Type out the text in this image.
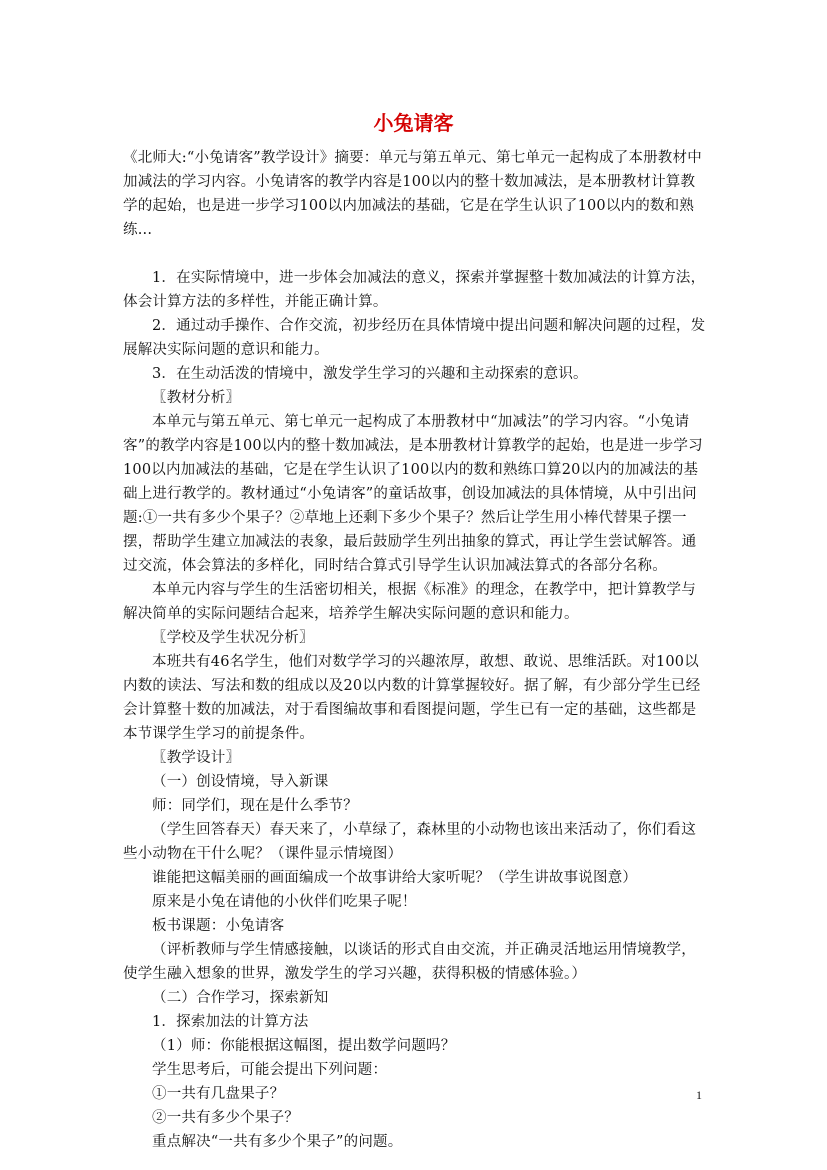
小兔请客

《北师大:“小兔请客”教学设计》摘要：单元与第五单元、第七单元一起构成了本册教材中加减法的学习内容。小兔请客的教学内容是100以内的整十数加减法，是本册教材计算教学的起始，也是进一步学习100以内加减法的基础，它是在学生认识了100以内的数和熟练...

1．在实际情境中，进一步体会加减法的意义，探索并掌握整十数加减法的计算方法，体会计算方法的多样性，并能正确计算。

2．通过动手操作、合作交流，初步经历在具体情境中提出问题和解决问题的过程，发展解决实际问题的意识和能力。

3．在生动活泼的情境中，激发学生学习的兴趣和主动探索的意识。

〖教材分析〗

本单元与第五单元、第七单元一起构成了本册教材中“加减法”的学习内容。“小兔请客”的教学内容是100以内的整十数加减法，是本册教材计算教学的起始，也是进一步学习100以内加减法的基础，它是在学生认识了100以内的数和熟练口算20以内的加减法的基础上进行教学的。教材通过“小兔请客”的童话故事，创设加减法的具体情境，从中引出问题:①一共有多少个果子？②草地上还剩下多少个果子？然后让学生用小棒代替果子摆一摆，帮助学生建立加减法的表象，最后鼓励学生列出抽象的算式，再让学生尝试解答。通过交流，体会算法的多样化，同时结合算式引导学生认识加减法算式的各部分名称。

本单元内容与学生的生活密切相关，根据《标准》的理念，在教学中，把计算教学与解决简单的实际问题结合起来，培养学生解决实际问题的意识和能力。

〖学校及学生状况分析〗

本班共有46名学生，他们对数学学习的兴趣浓厚，敢想、敢说、思维活跃。对100以内数的读法、写法和数的组成以及20以内数的计算掌握较好。据了解，有少部分学生已经会计算整十数的加减法，对于看图编故事和看图提问题，学生已有一定的基础，这些都是本节课学生学习的前提条件。

〖教学设计〗

（一）创设情境，导入新课

师：同学们，现在是什么季节？

（学生回答春天）春天来了，小草绿了，森林里的小动物也该出来活动了，你们看这些小动物在干什么呢？（课件显示情境图）

谁能把这幅美丽的画面编成一个故事讲给大家听呢？（学生讲故事说图意）

原来是小兔在请他的小伙伴们吃果子呢！

板书课题：小兔请客

（评析教师与学生情感接触，以谈话的形式自由交流，并正确灵活地运用情境教学，使学生融入想象的世界，激发学生的学习兴趣，获得积极的情感体验。）

（二）合作学习，探索新知

1．探索加法的计算方法

（1）师：你能根据这幅图，提出数学问题吗？

学生思考后，可能会提出下列问题：

①一共有几盘果子？

②一共有多少个果子？

重点解决“一共有多少个果子”的问题。

1
